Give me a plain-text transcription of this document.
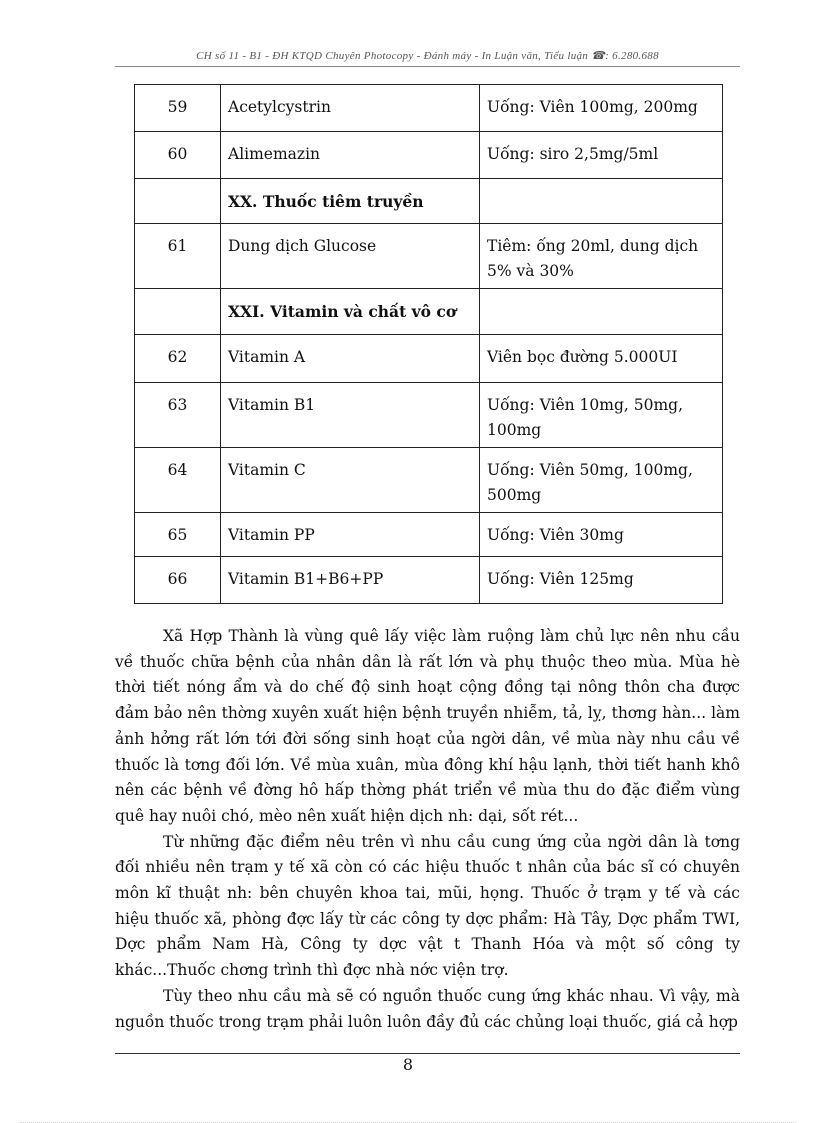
CH số 11 - B1 - ĐH KTQD Chuyên Photocopy - Đánh máy - In Luận văn, Tiểu luận ☎: 6.280.688
59	Acetylcystrin	Uống: Viên 100mg, 200mg
60	Alimemazin	Uống: siro 2,5mg/5ml
	XX. Thuốc tiêm truyền	
61	Dung dịch Glucose	Tiêm: ống 20ml, dung dịch 5% và 30%
	XXI. Vitamin và chất vô cơ	
62	Vitamin A	Viên bọc đường 5.000UI
63	Vitamin B1	Uống: Viên 10mg, 50mg, 100mg
64	Vitamin C	Uống: Viên 50mg, 100mg, 500mg
65	Vitamin PP	Uống: Viên 30mg
66	Vitamin B1+B6+PP	Uống: Viên 125mg

Xã Hợp Thành là vùng quê lấy việc làm ruộng làm chủ lực nên nhu cầu về thuốc chữa bệnh của nhân dân là rất lớn và phụ thuộc theo mùa. Mùa hè thời tiết nóng ẩm và do chế độ sinh hoạt cộng đồng tại nông thôn cha được đảm bảo nên thờng xuyên xuất hiện bệnh truyền nhiễm, tả, lỵ, thơng hàn... làm ảnh hởng rất lớn tới đời sống sinh hoạt của ngời dân, về mùa này nhu cầu về thuốc là tơng đối lớn. Về mùa xuân, mùa đông khí hậu lạnh, thời tiết hanh khô nên các bệnh về đờng hô hấp thờng phát triển về mùa thu do đặc điểm vùng quê hay nuôi chó, mèo nên xuất hiện dịch nh: dại, sốt rét...

Từ những đặc điểm nêu trên vì nhu cầu cung ứng của ngời dân là tơng đối nhiều nên trạm y tế xã còn có các hiệu thuốc t nhân của bác sĩ có chuyên môn kĩ thuật nh: bên chuyên khoa tai, mũi, họng. Thuốc ở trạm y tế và các hiệu thuốc xã, phòng đợc lấy từ các công ty dợc phẩm: Hà Tây, Dợc phẩm TWI, Dợc phẩm Nam Hà, Công ty dợc vật t Thanh Hóa và một số công ty khác...Thuốc chơng trình thì đợc nhà nớc viện trợ.

Tùy theo nhu cầu mà sẽ có nguồn thuốc cung ứng khác nhau. Vì vậy, mà nguồn thuốc trong trạm phải luôn luôn đầy đủ các chủng loại thuốc, giá cả hợp

8
